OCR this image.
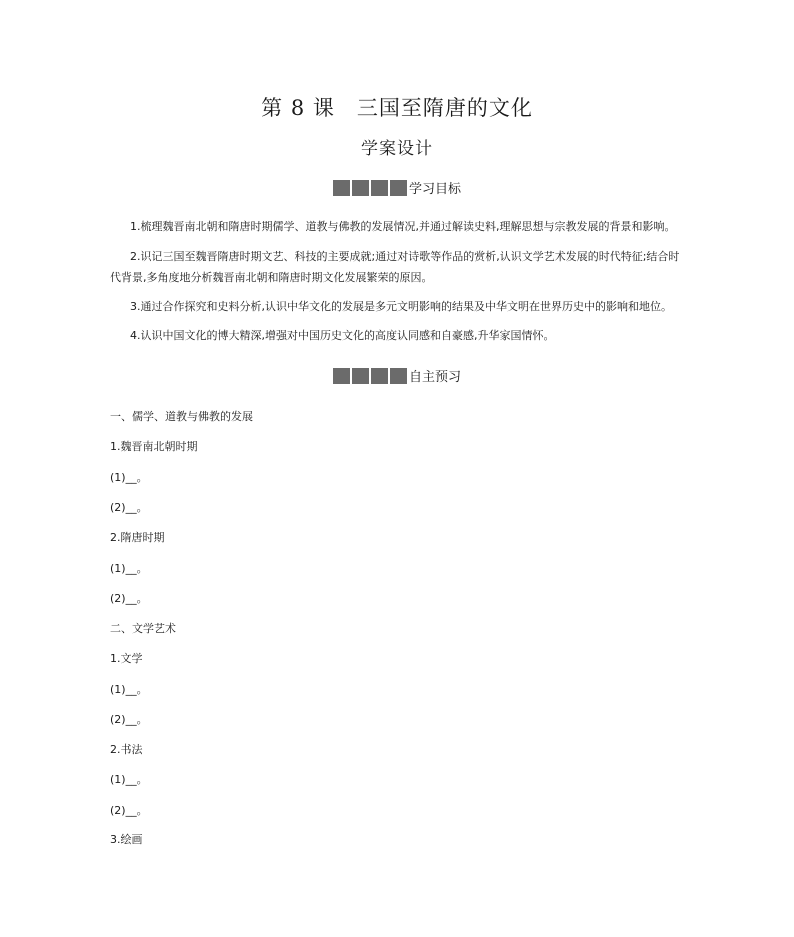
第 8 课　三国至隋唐的文化
学案设计
学习目标
1.梳理魏晋南北朝和隋唐时期儒学、道教与佛教的发展情况,并通过解读史料,理解思想与宗教发展的背景和影响。
2.识记三国至魏晋隋唐时期文艺、科技的主要成就;通过对诗歌等作品的赏析,认识文学艺术发展的时代特征;结合时代背景,多角度地分析魏晋南北朝和隋唐时期文化发展繁荣的原因。
3.通过合作探究和史料分析,认识中华文化的发展是多元文明影响的结果及中华文明在世界历史中的影响和地位。
4.认识中国文化的博大精深,增强对中国历史文化的高度认同感和自豪感,升华家国情怀。
自主预习
一、儒学、道教与佛教的发展
1.魏晋南北朝时期
(1)__。
(2)__。
2.隋唐时期
(1)__。
(2)__。
二、文学艺术
1.文学
(1)__。
(2)__。
2.书法
(1)__。
(2)__。
3.绘画
